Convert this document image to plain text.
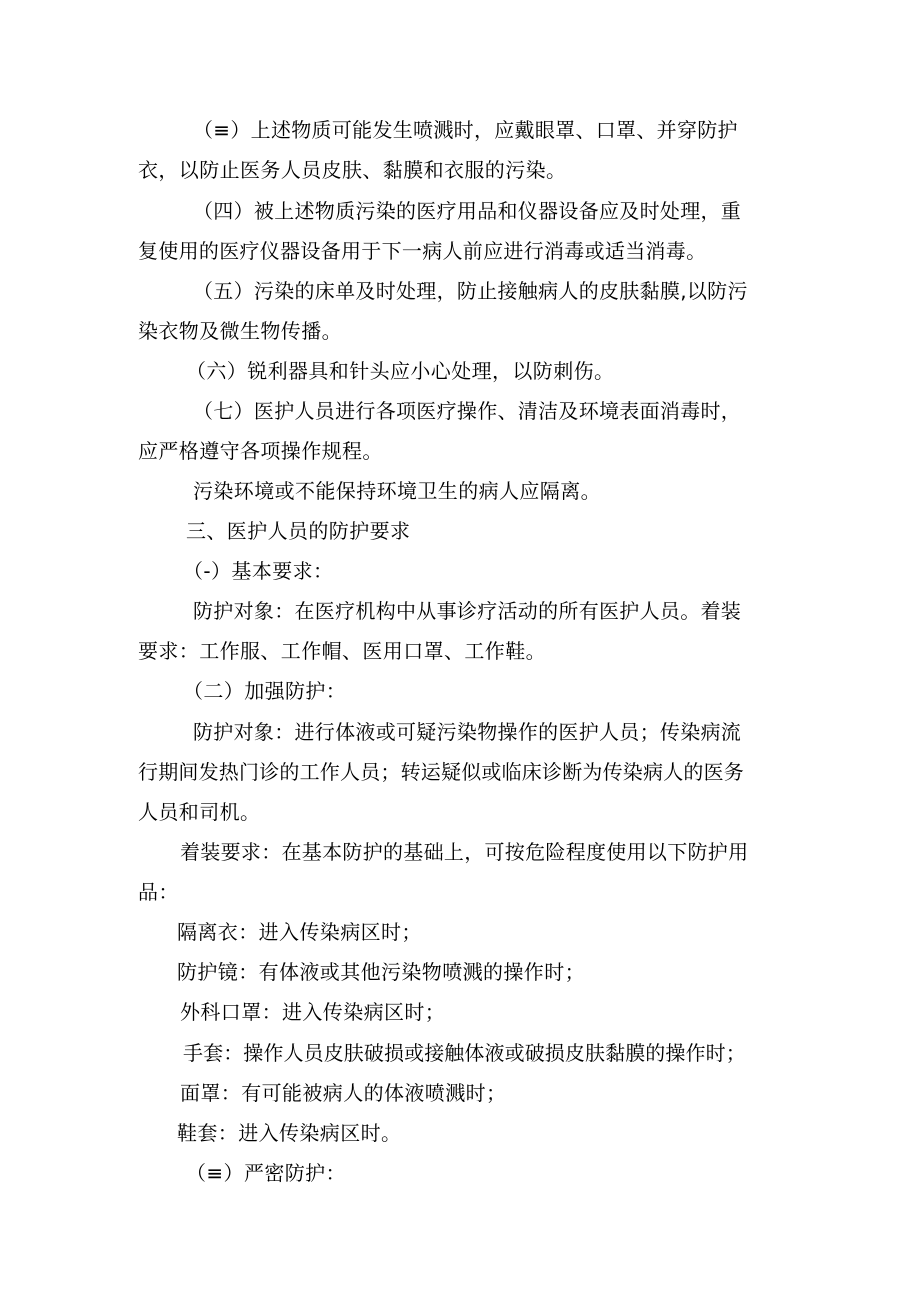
（≡）上述物质可能发生喷溅时，应戴眼罩、口罩、并穿防护
衣，以防止医务人员皮肤、黏膜和衣服的污染。
（四）被上述物质污染的医疗用品和仪器设备应及时处理，重
复使用的医疗仪器设备用于下一病人前应进行消毒或适当消毒。
（五）污染的床单及时处理，防止接触病人的皮肤黏膜,以防污
染衣物及微生物传播。
（六）锐利器具和针头应小心处理，以防刺伤。
（七）医护人员进行各项医疗操作、清洁及环境表面消毒时，
应严格遵守各项操作规程。
污染环境或不能保持环境卫生的病人应隔离。
三、医护人员的防护要求
（-）基本要求：
防护对象：在医疗机构中从事诊疗活动的所有医护人员。着装
要求：工作服、工作帽、医用口罩、工作鞋。
（二）加强防护：
防护对象：进行体液或可疑污染物操作的医护人员；传染病流
行期间发热门诊的工作人员；转运疑似或临床诊断为传染病人的医务
人员和司机。
着装要求：在基本防护的基础上，可按危险程度使用以下防护用
品：
隔离衣：进入传染病区时；
防护镜：有体液或其他污染物喷溅的操作时；
外科口罩：进入传染病区时；
手套：操作人员皮肤破损或接触体液或破损皮肤黏膜的操作时；
面罩：有可能被病人的体液喷溅时；
鞋套：进入传染病区时。
（≡）严密防护：
